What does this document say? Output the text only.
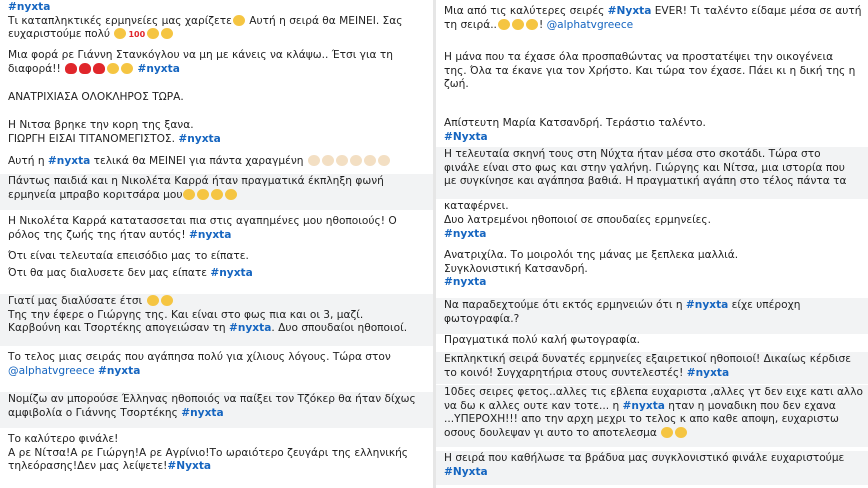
#nyxta

Τι καταπληκτικές ερμηνείες μας χαρίζετε Αυτή η σειρά θα ΜΕΙΝΕΙ. Σας

ευχαριστούμε πολύ 100

Μια φορά ρε Γιάννη Στανκόγλου να μη με κάνεις να κλάψω.. Έτσι για τη

διαφορά!!	#nyxta

ΑΝΑΤΡΙΧΙΑΣΑ ΟΛΟΚΛΗΡΟΣ ΤΩΡΑ.

Η Νιτσα βρηκε την κορη της ξανα.

ΓΙΩΡΓΗ ΕΙΣΑΙ ΤΙΤΑΝΟΜΕΓΙΣΤΟΣ. #nyxta

Αυτή η #nyxta τελικά θα ΜΕΙΝΕΙ για πάντα χαραγμένη

Πάντως παιδιά και η Νικολέτα Καρρά ήταν πραγματικά έκπληξη φωνή

ερμηνεία μπραβο κοριτσάρα μου

Η Νικολέτα Καρρά κατατασσεται πια στις αγαπημένες μου ηθοποιούς! Ο

ρόλος της ζωής της ήταν αυτός! #nyxta

Ότι είναι τελευταία επεισόδιο μας το είπατε.

Ότι θα μας διαλυσετε δεν μας είπατε #nyxta

Γιατί μας διαλύσατε έτσι

Της την έφερε ο Γιώργης της. Και είναι στο φως πια και οι 3, μαζί.

Καρβούνη και Τσορτέκης απογειώσαν τη #nyxta. Δυο σπουδαίοι ηθοποιοί.

Το τελος μιας σειράς που αγάπησα πολύ για χίλιους λόγους. Τώρα στον

@alphatvgreece #nyxta

Νομίζω αν μπορούσε Έλληνας ηθοποιός να παίξει τον Τζόκερ θα ήταν δίχως

αμφιβολία ο Γιάννης Τσορτέκης #nyxta

Το καλύτερο φινάλε!

Α ρε Νίτσα!Α ρε Γιώργη!Α ρε Αγρίνιο!Το ωραιότερο ζευγάρι της ελληνικής

τηλεόρασης!Δεν μας λείψετε!#Nyxta

Μια από τις καλύτερες σειρές #Nyxta EVER! Τι ταλέντο είδαμε μέσα σε αυτή

τη σειρά..	! @alphatvgreece

Η μάνα που τα έχασε όλα προσπαθώντας να προστατέψει την οικογένεια

της. Όλα τα έκανε για τον Χρήστο. Και τώρα τον έχασε. Πάει κι η δική της η

ζωή.

Απίστευτη Μαρία Κατσανδρή. Τεράστιο ταλέντο.

#Nyxta

Η τελευταία σκηνή τους στη Νύχτα ήταν μέσα στο σκοτάδι. Τώρα στο

φινάλε είναι στο φως και στην γαλήνη. Γιώργης και Νίτσα, μια ιστορία που

με συγκίνησε και αγάπησα βαθιά. Η πραγματική αγάπη στο τέλος πάντα τα

καταφέρνει.

Δυο λατρεμένοι ηθοποιοί σε σπουδαίες ερμηνείες.

#nyxta

Ανατριχίλα. Το μοιρολόι της μάνας με ξεπλεκα μαλλιά.

Συγκλονιστική Κατσανδρή.

#nyxta

Να παραδεχτούμε ότι εκτός ερμηνειών ότι η #nyxta είχε υπέροχη

φωτογραφία.?

Πραγματικά πολύ καλή φωτογραφία.

Εκπληκτική σειρά δυνατές ερμηνείες εξαιρετικοί ηθοποιοί! Δικαίως κέρδισε

το κοινό! Συγχαρητήρια στους συντελεστές! #nyxta

10δες σειρες φετος..αλλες τις εβλεπα ευχαριστα ,αλλες γτ δεν ειχε κατι αλλο

να δω κ αλλες ουτε καν τοτε... η #nyxta ηταν η μοναδικη που δεν εχανα

...ΥΠΕΡΟΧΗ!!! απο την αρχη μεχρι το τελος κ απο καθε αποψη, ευχαριστω

οσους δουλεψαν γι αυτο το αποτελεσμα

Η σειρά που καθήλωσε τα βράδυα μας συγκλονιστικό φινάλε ευχαριστούμε

#Nyxta
